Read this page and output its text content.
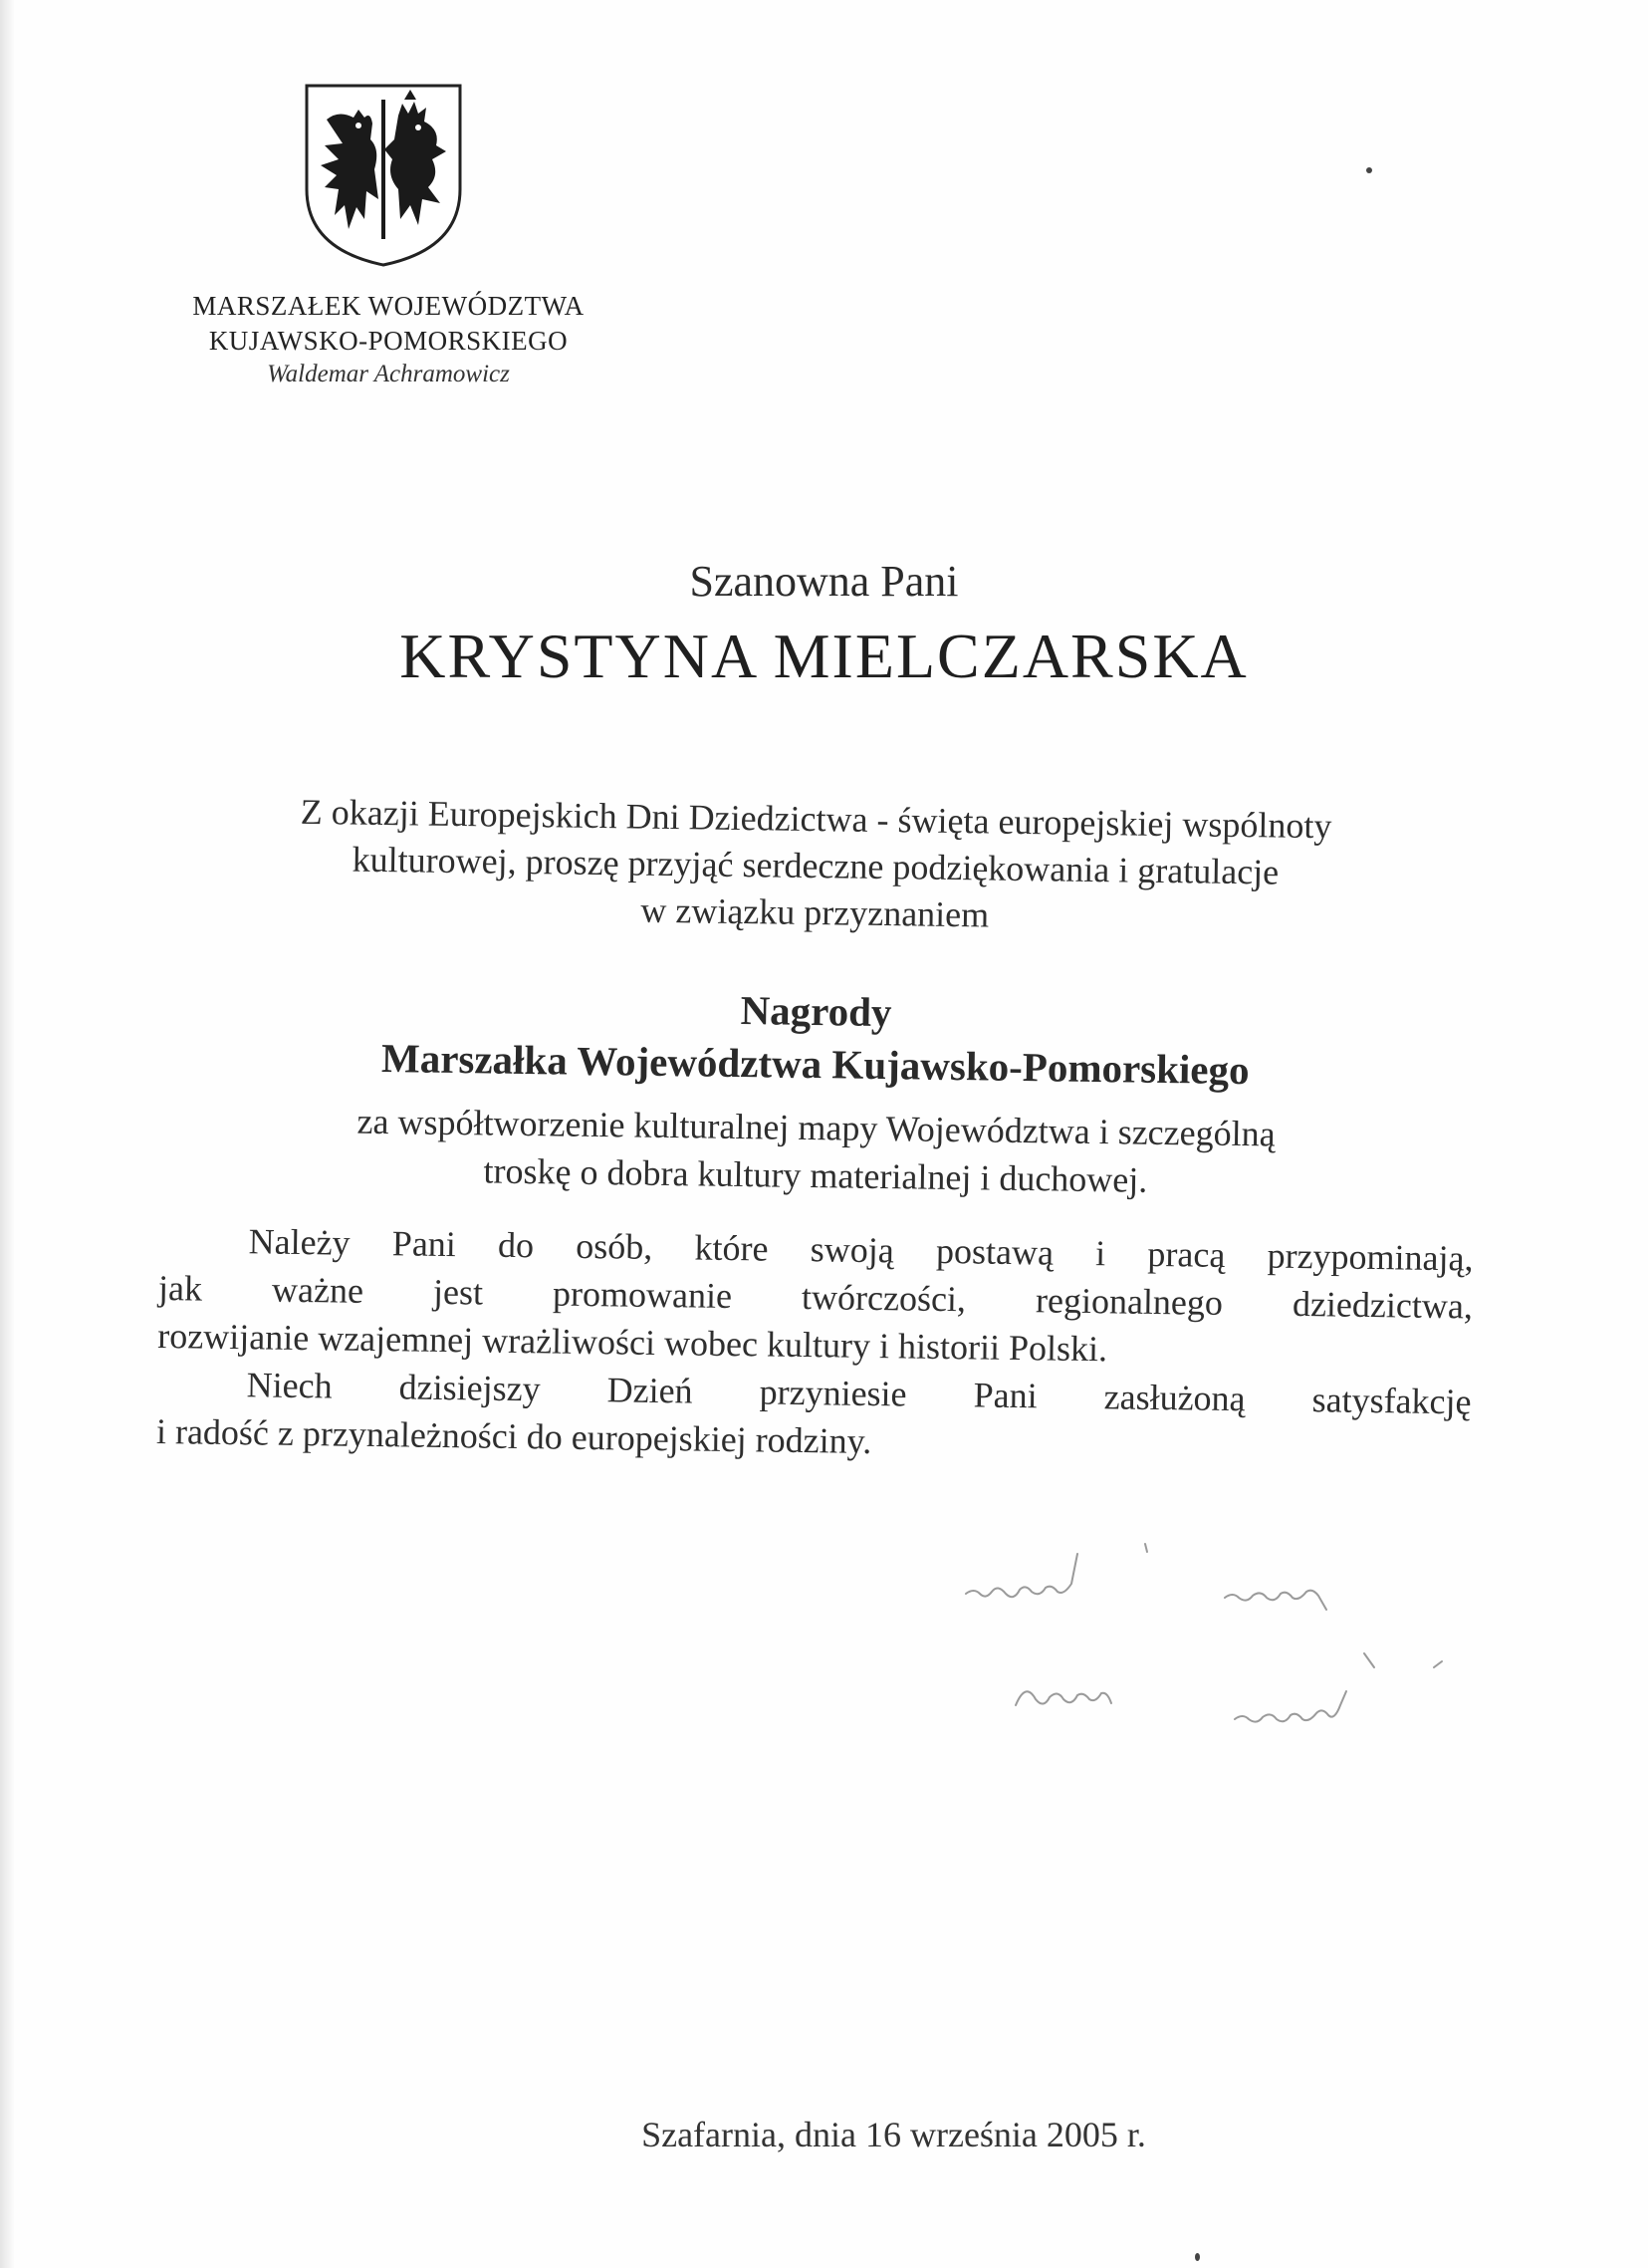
MARSZAŁEK WOJEWÓDZTWA
KUJAWSKO-POMORSKIEGO
Waldemar Achramowicz
Szanowna Pani
KRYSTYNA MIELCZARSKA
Z okazji Europejskich Dni Dziedzictwa - święta europejskiej wspólnoty
kulturowej, proszę przyjąć serdeczne podziękowania i gratulacje
w związku przyznaniem
Nagrody
Marszałka Województwa Kujawsko-Pomorskiego
za współtworzenie kulturalnej mapy Województwa i szczególną
troskę o dobra kultury materialnej i duchowej.
Należy Pani do osób, które swoją postawą i pracą przypominają,
jak ważne jest promowanie twórczości, regionalnego dziedzictwa,
rozwijanie wzajemnej wrażliwości wobec kultury i historii Polski.
Niech dzisiejszy Dzień przyniesie Pani zasłużoną satysfakcję
i radość z przynależności do europejskiej rodziny.
Szafarnia, dnia 16 września 2005 r.
